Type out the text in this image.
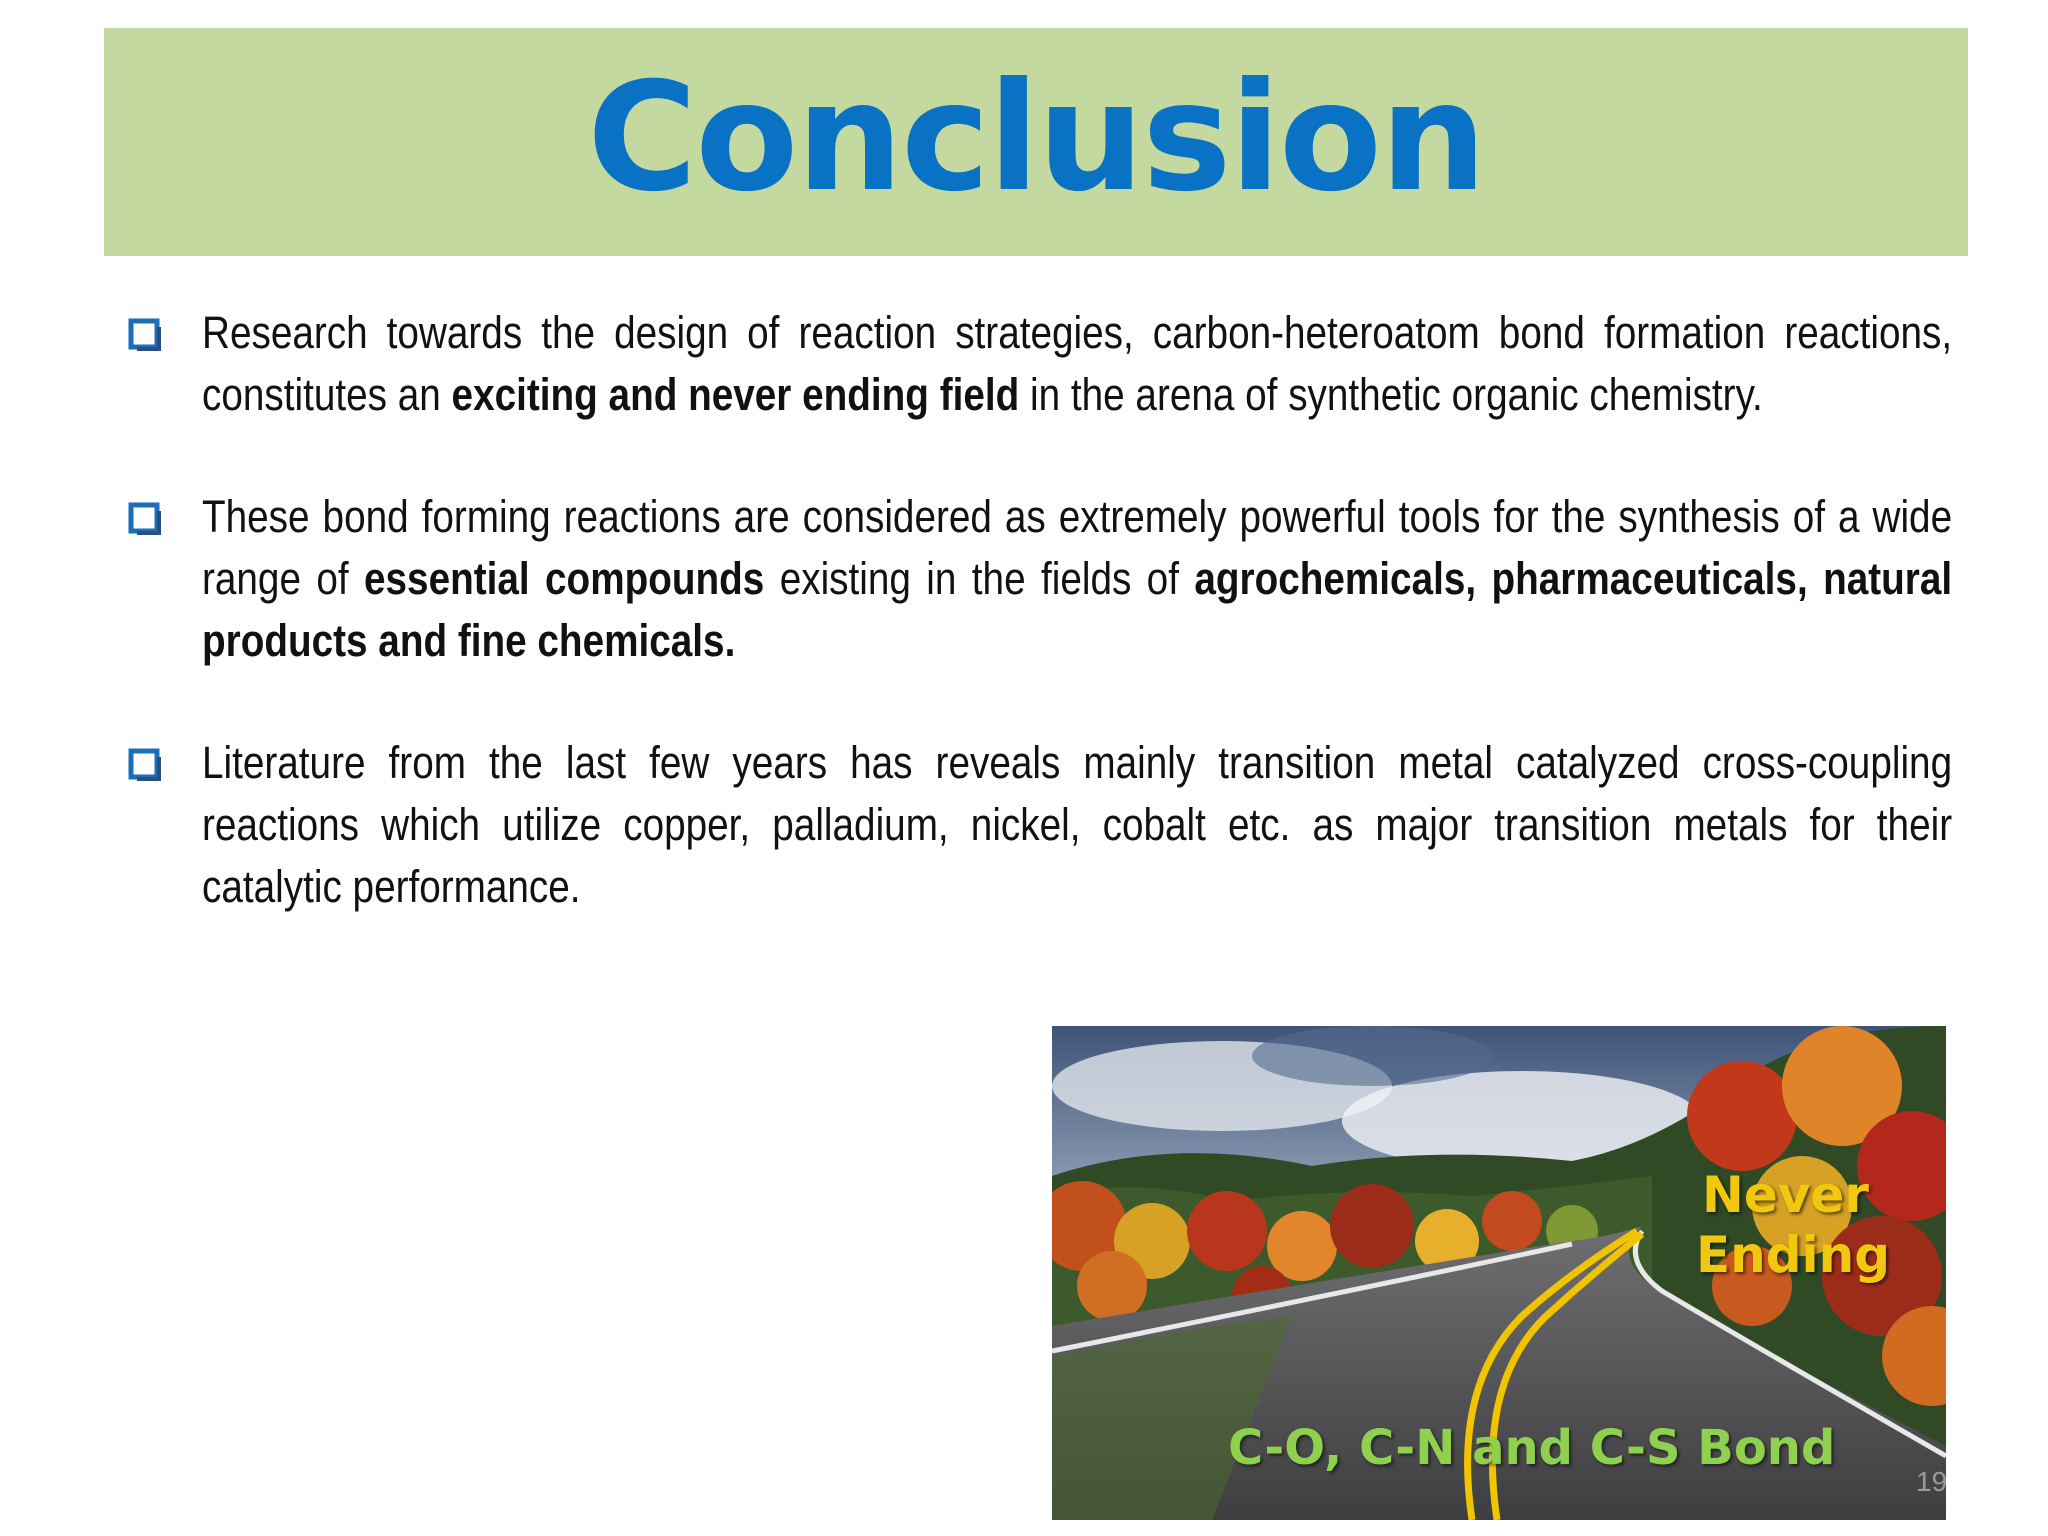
Conclusion
Research towards the design of reaction strategies, carbon-heteroatom bond formation reactions, constitutes an exciting and never ending field in the arena of synthetic organic chemistry.
These bond forming reactions are considered as extremely powerful tools for the synthesis of a wide range of essential compounds existing in the fields of agrochemicals, pharmaceuticals, natural products and fine chemicals.
Literature from the last few years has reveals mainly transition metal catalyzed cross-coupling reactions which utilize copper, palladium, nickel, cobalt etc. as major transition metals for their catalytic performance.
Never
Ending
C-O, C-N and C-S Bond
19
